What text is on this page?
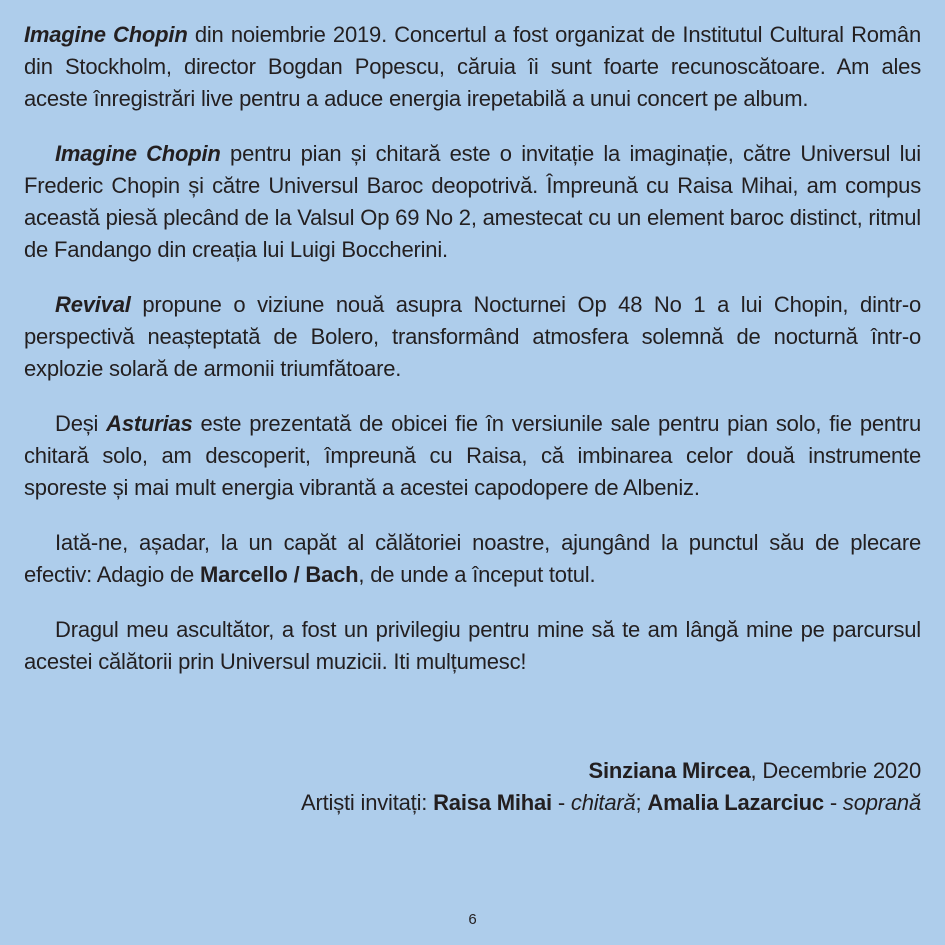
Imagine Chopin din noiembrie 2019. Concertul a fost organizat de Institutul Cultural Român din Stockholm, director Bogdan Popescu, căruia îi sunt foarte recunoscătoare. Am ales aceste înregistrări live pentru a aduce energia irepetabilă a unui concert pe album.

Imagine Chopin pentru pian și chitară este o invitație la imaginație, către Universul lui Frederic Chopin și către Universul Baroc deopotrivă. Împreună cu Raisa Mihai, am compus această piesă plecând de la Valsul Op 69 No 2, amestecat cu un element baroc distinct, ritmul de Fandango din creația lui Luigi Boccherini.

Revival propune o viziune nouă asupra Nocturnei Op 48 No 1 a lui Chopin, dintr-o perspectivă neașteptată de Bolero, transformând atmosfera solemnă de nocturnă într-o explozie solară de armonii triumfătoare.

Deși Asturias este prezentată de obicei fie în versiunile sale pentru pian solo, fie pentru chitară solo, am descoperit, împreună cu Raisa, că imbinarea celor două instrumente sporeste și mai mult energia vibrantă a acestei capodopere de Albeniz.

Iată-ne, așadar, la un capăt al călătoriei noastre, ajungând la punctul său de plecare efectiv: Adagio de Marcello / Bach, de unde a început totul.

Dragul meu ascultător, a fost un privilegiu pentru mine să te am lângă mine pe parcursul acestei călătorii prin Universul muzicii. Iti mulțumesc!

Sinziana Mircea, Decembrie 2020
Artiști invitați: Raisa Mihai - chitară; Amalia Lazarciuc - soprană
6
